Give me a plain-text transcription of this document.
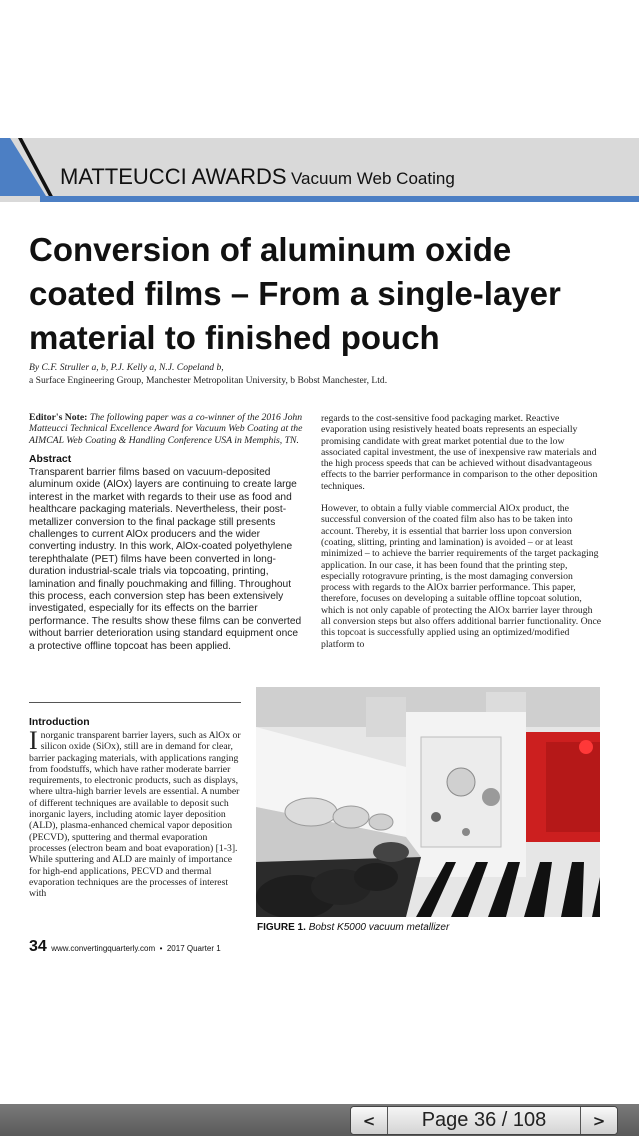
MATTEUCCI AWARDS Vacuum Web Coating
Conversion of aluminum oxide coated films – From a single-layer material to finished pouch
By C.F. Struller a, b, P.J. Kelly a, N.J. Copeland b,
a Surface Engineering Group, Manchester Metropolitan University, b Bobst Manchester, Ltd.
Editor's Note: The following paper was a co-winner of the 2016 John Matteucci Technical Excellence Award for Vacuum Web Coating at the AIMCAL Web Coating & Handling Conference USA in Memphis, TN.
Abstract
Transparent barrier films based on vacuum-deposited aluminum oxide (AlOx) layers are continuing to create large interest in the market with regards to their use as food and healthcare packaging materials. Nevertheless, their post-metallizer conversion to the final package still presents challenges to current AlOx producers and the wider converting industry. In this work, AlOx-coated polyethylene terephthalate (PET) films have been converted in long-duration industrial-scale trials via topcoating, printing, lamination and finally pouchmaking and filling. Throughout this process, each conversion step has been extensively investigated, especially for its effects on the barrier performance. The results show these films can be converted without barrier deterioration using standard equipment once a protective offline topcoat has been applied.
Introduction
I norganic transparent barrier layers, such as AlOx or silicon oxide (SiOx), still are in demand for clear, barrier packaging materials, with applications ranging from foodstuffs, which have rather moderate barrier requirements, to electronic products, such as displays, where ultra-high barrier levels are essential. A number of different techniques are available to deposit such inorganic layers, including atomic layer deposition (ALD), plasma-enhanced chemical vapor deposition (PECVD), sputtering and thermal evaporation processes (electron beam and boat evaporation) [1-3]. While sputtering and ALD are mainly of importance for high-end applications, PECVD and thermal evaporation techniques are the processes of interest with
regards to the cost-sensitive food packaging market. Reactive evaporation using resistively heated boats represents an especially promising candidate with great market potential due to the low associated capital investment, the use of inexpensive raw materials and the high process speeds that can be achieved without disadvantageous effects to the barrier performance in comparison to the other deposition techniques.
However, to obtain a fully viable commercial AlOx product, the successful conversion of the coated film also has to be taken into account. Thereby, it is essential that barrier loss upon conversion (coating, slitting, printing and lamination) is avoided – or at least minimized – to achieve the barrier requirements of the target packaging application. In our case, it has been found that the printing step, especially rotogravure printing, is the most damaging conversion process with regards to the AlOx barrier performance. This paper, therefore, focuses on developing a suitable offline topcoat solution, which is not only capable of protecting the AlOx barrier layer through all conversion steps but also offers additional barrier functionality. Once this topcoat is successfully applied using an optimized/modified platform to
FIGURE 1. Bobst K5000 vacuum metallizer
34 www.convertingquarterly.com • 2017 Quarter 1
<	Page 36 / 108	>
